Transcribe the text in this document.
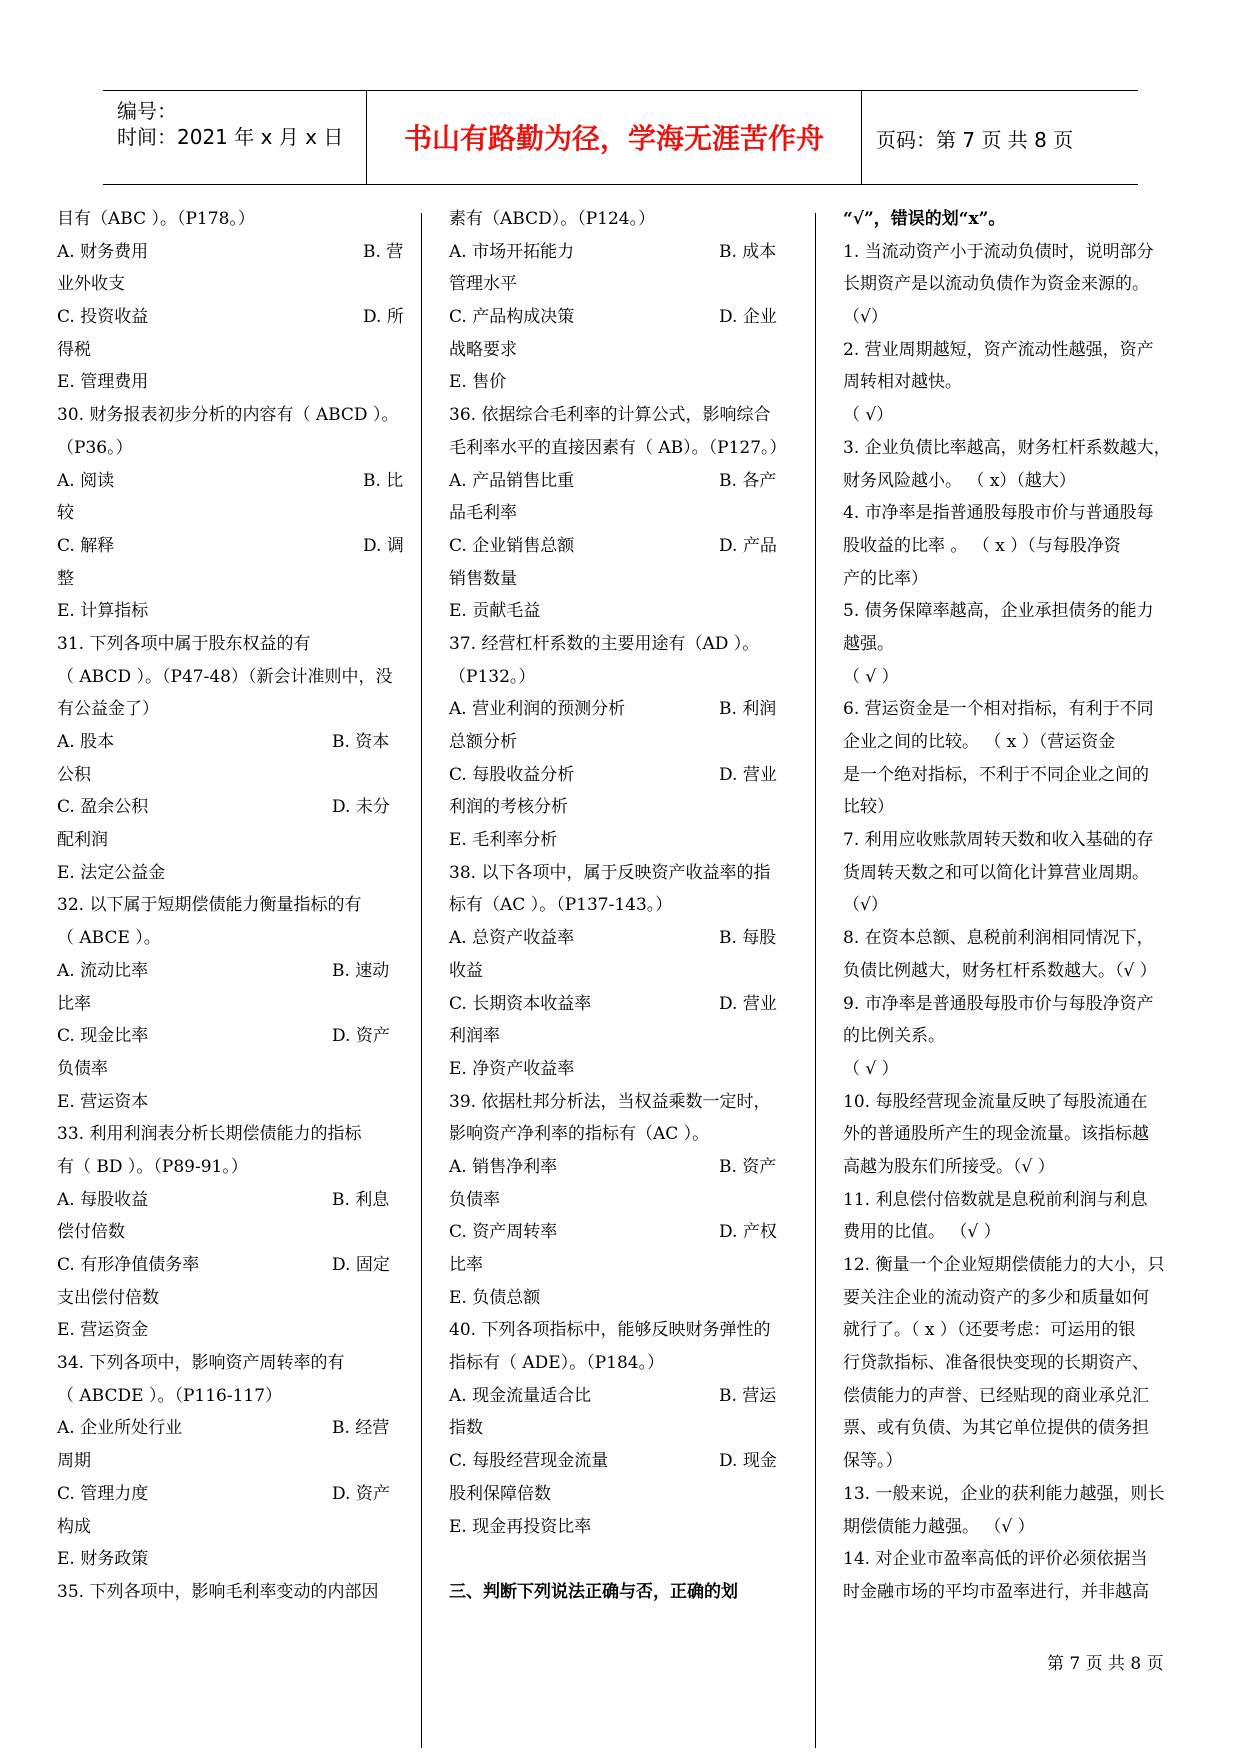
编号：
时间：2021 年 x 月 x 日	书山有路勤为径，学海无涯苦作舟	页码：第 7 页 共 8 页
目有（ABC ）。（P178。）
A. 财务费用	B. 营
业外收支
C. 投资收益	D. 所
得税
E. 管理费用
30. 财务报表初步分析的内容有（ ABCD ）。
（P36。）
A. 阅读	B. 比
较
C. 解释	D. 调
整
E. 计算指标
31. 下列各项中属于股东权益的有
（ ABCD ）。（P47-48）（新会计准则中，没
有公益金了）
A. 股本	B. 资本
公积
C. 盈余公积	D. 未分
配利润
E. 法定公益金
32. 以下属于短期偿债能力衡量指标的有
（ ABCE ）。
A. 流动比率	B. 速动
比率
C. 现金比率	D. 资产
负债率
E. 营运资本
33. 利用利润表分析长期偿债能力的指标
有（ BD ）。（P89-91。）
A. 每股收益	B. 利息
偿付倍数
C. 有形净值债务率	D. 固定
支出偿付倍数
E. 营运资金
34. 下列各项中，影响资产周转率的有
（ ABCDE ）。（P116-117）
A. 企业所处行业	B. 经营
周期
C. 管理力度	D. 资产
构成
E. 财务政策
35. 下列各项中，影响毛利率变动的内部因
素有（ABCD）。（P124。）
A. 市场开拓能力	B. 成本
管理水平
C. 产品构成决策	D. 企业
战略要求
E. 售价
36. 依据综合毛利率的计算公式，影响综合
毛利率水平的直接因素有（ AB）。（P127。）
A. 产品销售比重	B. 各产
品毛利率
C. 企业销售总额	D. 产品
销售数量
E. 贡献毛益
37. 经营杠杆系数的主要用途有（AD ）。
（P132。）
A. 营业利润的预测分析	B. 利润
总额分析
C. 每股收益分析	D. 营业
利润的考核分析
E. 毛利率分析
38. 以下各项中，属于反映资产收益率的指
标有（AC ）。（P137-143。）
A. 总资产收益率	B. 每股
收益
C. 长期资本收益率	D. 营业
利润率
E. 净资产收益率
39. 依据杜邦分析法，当权益乘数一定时，
影响资产净利率的指标有（AC ）。
A. 销售净利率	B. 资产
负债率
C. 资产周转率	D. 产权
比率
E. 负债总额
40. 下列各项指标中，能够反映财务弹性的
指标有（ ADE）。（P184。）
A. 现金流量适合比	B. 营运
指数
C. 每股经营现金流量	D. 现金
股利保障倍数
E. 现金再投资比率
三、判断下列说法正确与否，正确的划
“√”，错误的划“x”。
1. 当流动资产小于流动负债时，说明部分
长期资产是以流动负债作为资金来源的。
（√）
2. 营业周期越短，资产流动性越强，资产
周转相对越快。
（ √）
3. 企业负债比率越高，财务杠杆系数越大，
财务风险越小。 （ x）（越大）
4. 市净率是指普通股每股市价与普通股每
股收益的比率 。 （ x ）（与每股净资
产的比率）
5. 债务保障率越高，企业承担债务的能力
越强。
（ √ ）
6. 营运资金是一个相对指标，有利于不同
企业之间的比较。 （ x ）（营运资金
是一个绝对指标，不利于不同企业之间的
比较）
7. 利用应收账款周转天数和收入基础的存
货周转天数之和可以简化计算营业周期。
（√）
8. 在资本总额、息税前利润相同情况下，
负债比例越大，财务杠杆系数越大。（√ ）
9. 市净率是普通股每股市价与每股净资产
的比例关系。
（ √ ）
10. 每股经营现金流量反映了每股流通在
外的普通股所产生的现金流量。该指标越
高越为股东们所接受。（√ ）
11. 利息偿付倍数就是息税前利润与利息
费用的比值。 （√ ）
12. 衡量一个企业短期偿债能力的大小，只
要关注企业的流动资产的多少和质量如何
就行了。（ x ）（还要考虑：可运用的银
行贷款指标、准备很快变现的长期资产、
偿债能力的声誉、已经贴现的商业承兑汇
票、或有负债、为其它单位提供的债务担
保等。）
13. 一般来说，企业的获利能力越强，则长
期偿债能力越强。 （√ ）
14. 对企业市盈率高低的评价必须依据当
时金融市场的平均市盈率进行，并非越高
第 7 页 共 8 页
